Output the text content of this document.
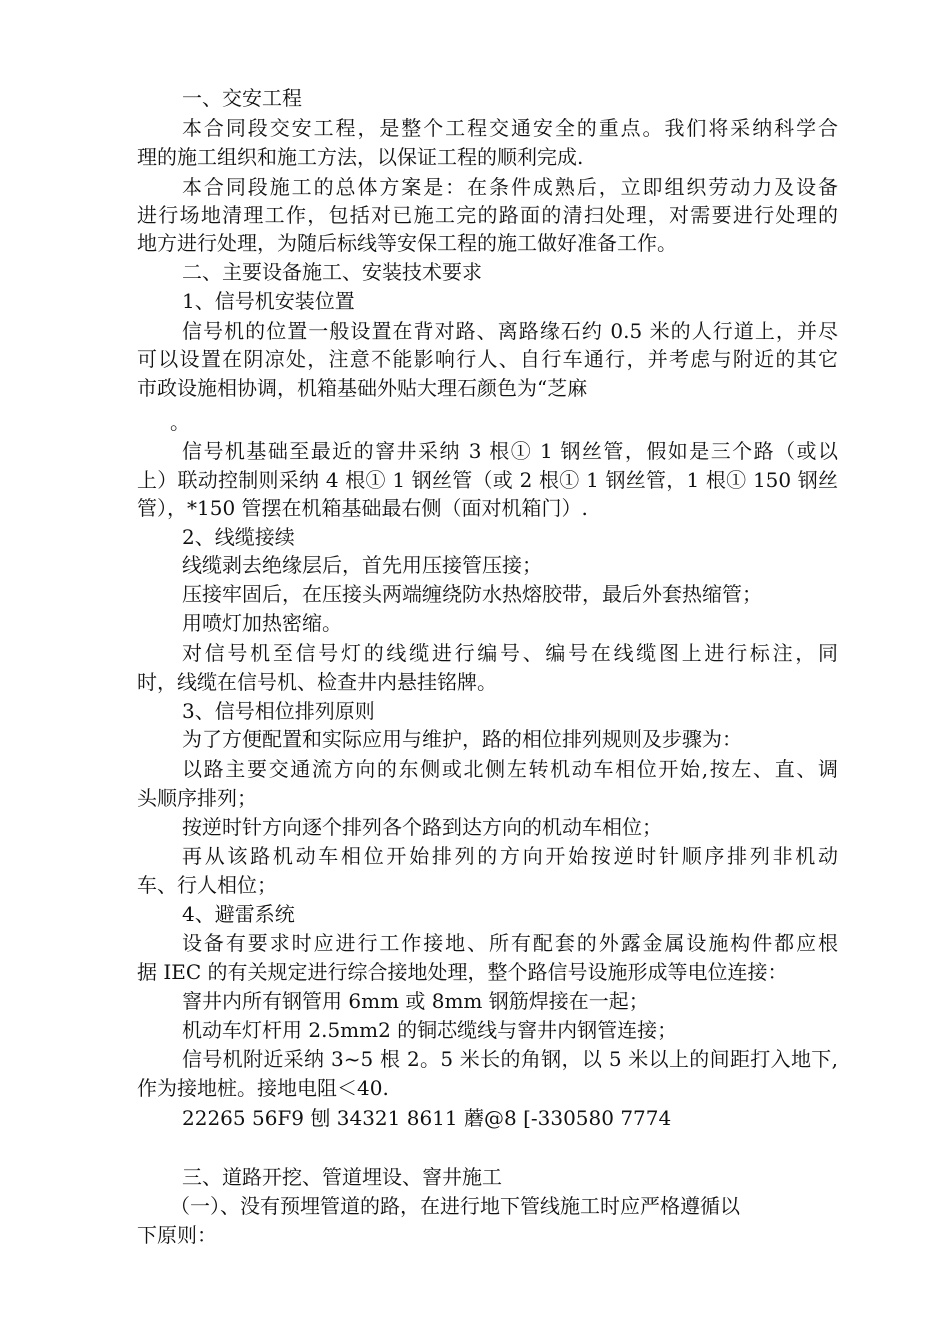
一、交安工程
本合同段交安工程，是整个工程交通安全的重点。我们将采纳科学合
理的施工组织和施工方法，以保证工程的顺利完成.
本合同段施工的总体方案是：在条件成熟后，立即组织劳动力及设备
进行场地清理工作，包括对已施工完的路面的清扫处理，对需要进行处理的
地方进行处理，为随后标线等安保工程的施工做好准备工作。
二、主要设备施工、安装技术要求
1、信号机安装位置
信号机的位置一般设置在背对路、离路缘石约 0.5 米的人行道上，并尽
可以设置在阴凉处，注意不能影响行人、自行车通行，并考虑与附近的其它
市政设施相协调，机箱基础外贴大理石颜色为“芝麻
。
信号机基础至最近的窨井采纳 3 根① 1 钢丝管，假如是三个路（或以
上）联动控制则采纳 4 根① 1 钢丝管（或 2 根① 1 钢丝管，1 根① 150 钢丝
管），*150 管摆在机箱基础最右侧（面对机箱门）.
2、线缆接续
线缆剥去绝缘层后，首先用压接管压接；
压接牢固后，在压接头两端缠绕防水热熔胶带，最后外套热缩管；
用喷灯加热密缩。
对信号机至信号灯的线缆进行编号、编号在线缆图上进行标注，同
时，线缆在信号机、检查井内悬挂铭牌。
3、信号相位排列原则
为了方便配置和实际应用与维护，路的相位排列规则及步骤为：
以路主要交通流方向的东侧或北侧左转机动车相位开始,按左、直、调
头顺序排列；
按逆时针方向逐个排列各个路到达方向的机动车相位；
再从该路机动车相位开始排列的方向开始按逆时针顺序排列非机动
车、行人相位；
4、避雷系统
设备有要求时应进行工作接地、所有配套的外露金属设施构件都应根
据 IEC 的有关规定进行综合接地处理，整个路信号设施形成等电位连接：
窨井内所有钢管用 6mm 或 8mm 钢筋焊接在一起；
机动车灯杆用 2.5mm2 的铜芯缆线与窨井内钢管连接；
信号机附近采纳 3~5 根 2。5 米长的角钢，以 5 米以上的间距打入地下,
作为接地桩。接地电阻＜40.
22265 56F9 刨 34321 8611 蘑@8 [-330580 7774
三、道路开挖、管道埋设、窨井施工
（一）、没有预埋管道的路，在进行地下管线施工时应严格遵循以
下原则：
